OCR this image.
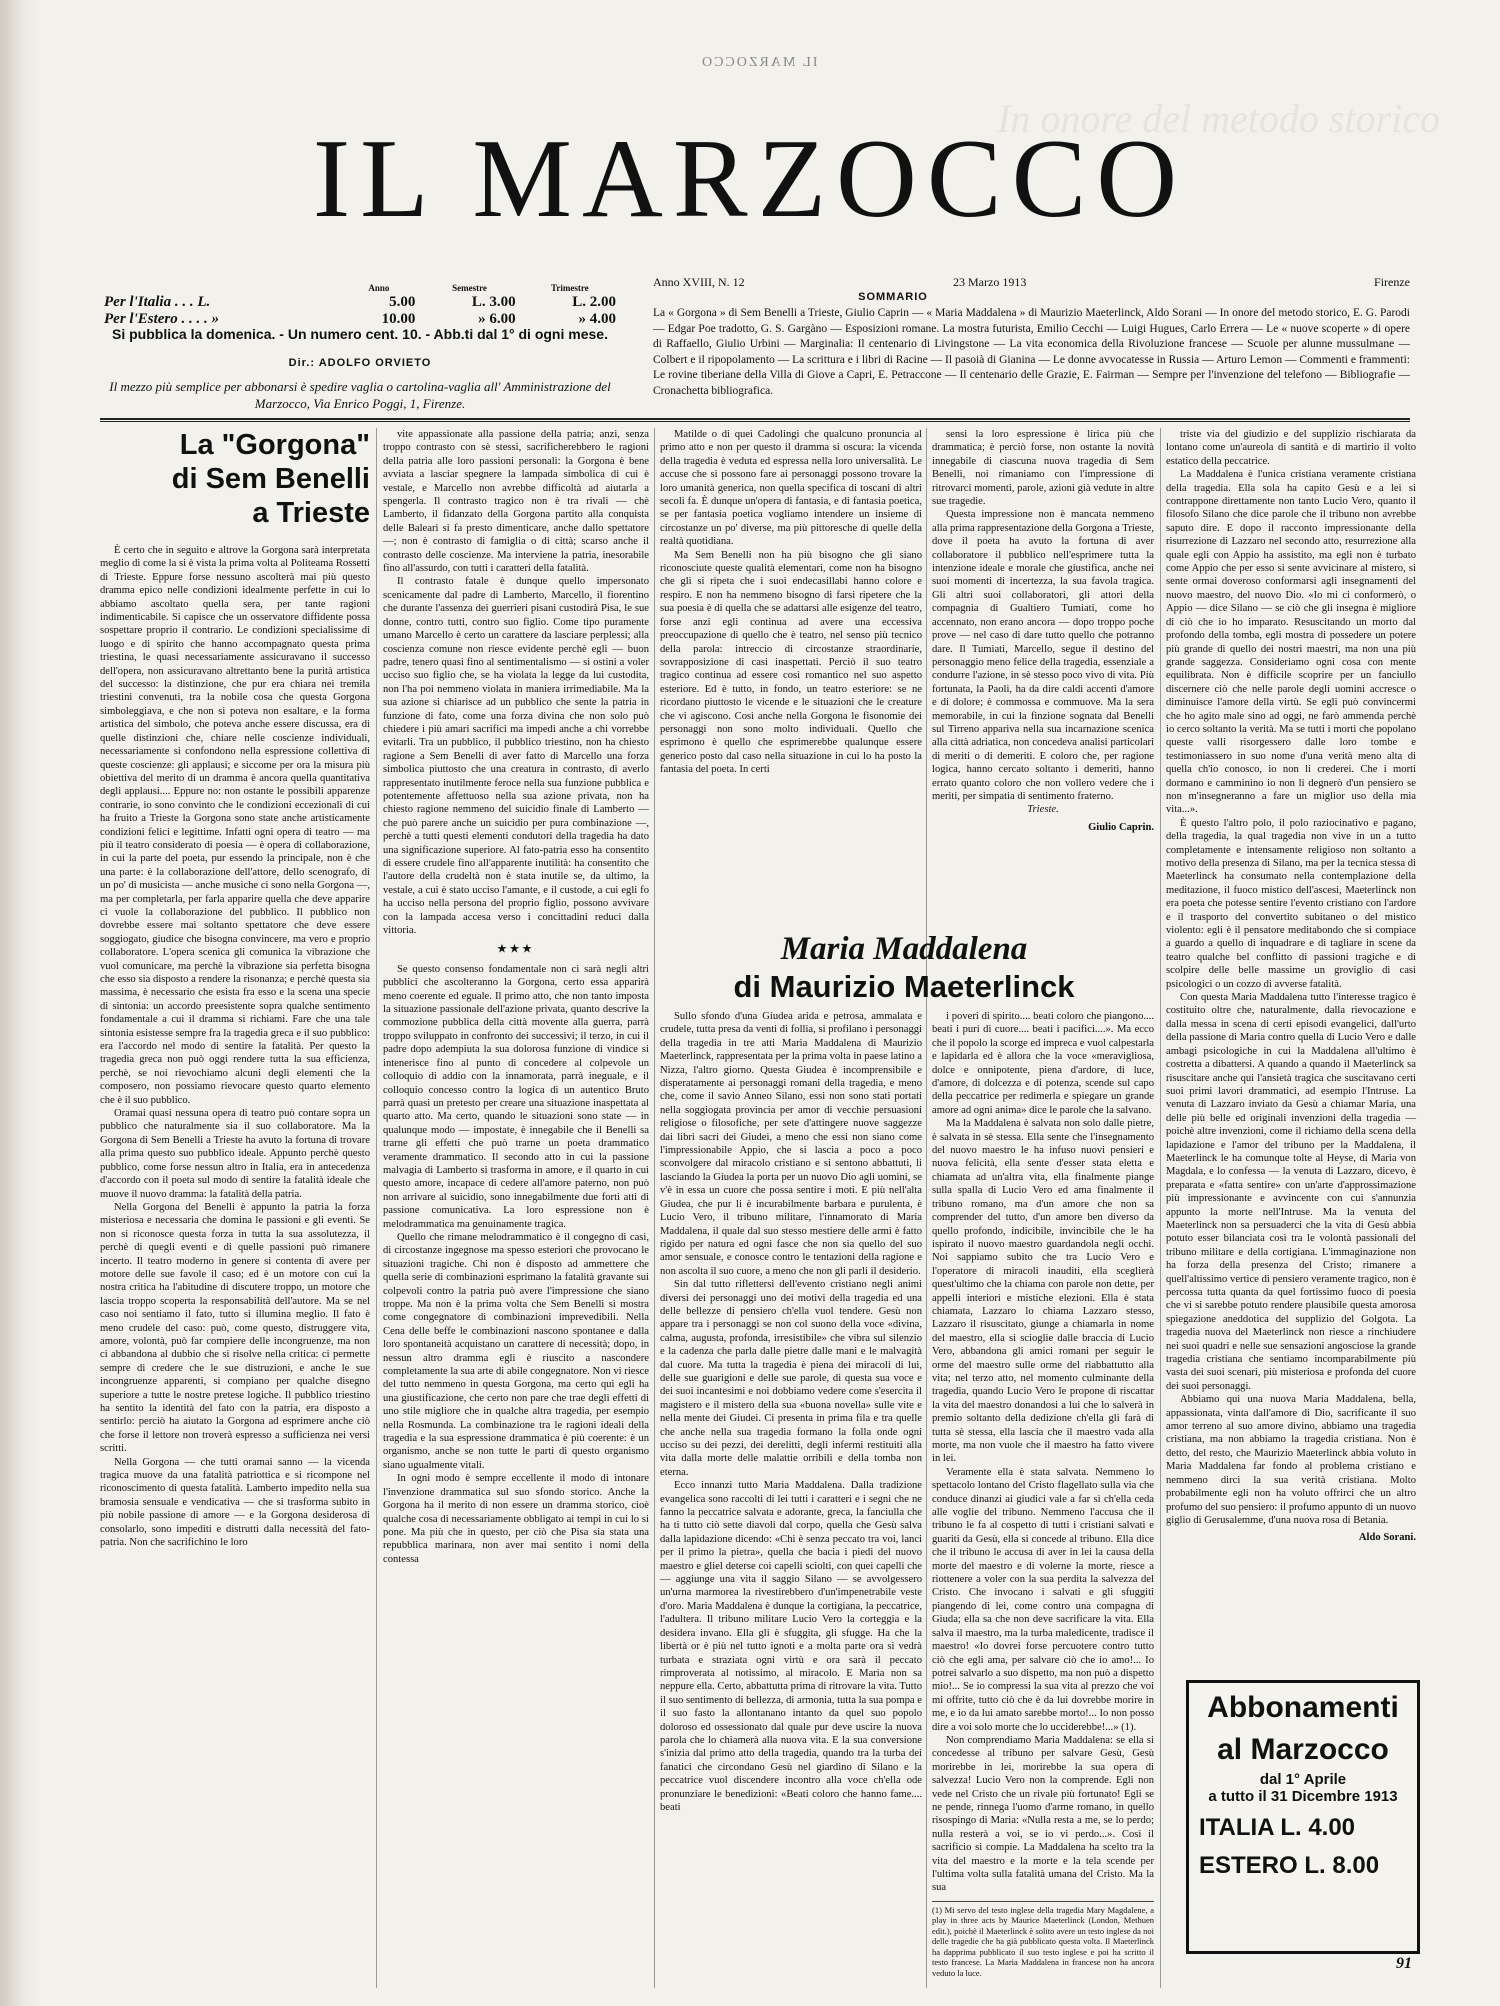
IL MARZOCCO
In onore del metodo storico
IL MARZOCCO
	Anno	Semestre	Trimestre
Per l'Italia . . . L.	5.00	L. 3.00	L. 2.00
Per l'Estero . . . . »	10.00	» 6.00	» 4.00
Si pubblica la domenica. - Un numero cent. 10. - Abb.ti dal 1° di ogni mese.
Dir.: ADOLFO ORVIETO
Il mezzo più semplice per abbonarsi è spedire vaglia o cartolina-vaglia all' Amministrazione del Marzocco, Via Enrico Poggi, 1, Firenze.
Anno XVIII, N. 12	23 Marzo 1913	Firenze
SOMMARIO
La « Gorgona » di Sem Benelli a Trieste, Giulio Caprin — « Maria Maddalena » di Maurizio Maeterlinck, Aldo Sorani — In onore del metodo storico, E. G. Parodi — Edgar Poe tradotto, G. S. Gargàno — Esposizioni romane. La mostra futurista, Emilio Cecchi — Luigi Hugues, Carlo Errera — Le « nuove scoperte » di opere di Raffaello, Giulio Urbini — Marginalia: Il centenario di Livingstone — La vita economica della Rivoluzione francese — Scuole per alunne mussulmane — Colbert e il ripopolamento — La scrittura e i libri di Racine — Il pasoià di Gianina — Le donne avvocatesse in Russia — Arturo Lemon — Commenti e frammenti: Le rovine tiberiane della Villa di Giove a Capri, E. Petraccone — Il centenario delle Grazie, E. Fairman — Sempre per l'invenzione del telefono — Bibliografie — Cronachetta bibliografica.
La "Gorgona"
di Sem Benelli
a Trieste

È certo che in seguito e altrove la Gorgona sarà interpretata meglio di come la si è vista la prima volta al Politeama Rossetti di Trieste. Eppure forse nessuno ascolterà mai più questo dramma epico nelle condizioni idealmente perfette in cui lo abbiamo ascoltato quella sera, per tante ragioni indimenticabile. Si capisce che un osservatore diffidente possa sospettare proprio il contrario. Le condizioni specialissime di luogo e di spirito che hanno accompagnato questa prima triestina, le quasi necessariamente assicuravano il successo dell'opera, non assicuravano altrettanto bene la purità artistica del successo: la distinzione, che pur era chiara nei tremila triestini convenuti, tra la nobile cosa che questa Gorgona simboleggiava, e che non si poteva non esaltare, e la forma artistica del simbolo, che poteva anche essere discussa, era di quelle distinzioni che, chiare nelle coscienze individuali, necessariamente si confondono nella espressione collettiva di queste coscienze: gli applausi; e siccome per ora la misura più obiettiva del merito di un dramma è ancora quella quantitativa degli applausi.... Eppure no: non ostante le possibili apparenze contrarie, io sono convinto che le condizioni eccezionali di cui ha fruito a Trieste la Gorgona sono state anche artisticamente condizioni felici e legittime. Infatti ogni opera di teatro — ma più il teatro considerato di poesia — è opera di collaborazione, in cui la parte del poeta, pur essendo la principale, non è che una parte: è la collaborazione dell'attore, dello scenografo, di un po' di musicista — anche musiche ci sono nella Gorgona —, ma per completarla, per farla apparire quella che deve apparire ci vuole la collaborazione del pubblico. Il pubblico non dovrebbe essere mai soltanto spettatore che deve essere soggiogato, giudice che bisogna convincere, ma vero e proprio collaboratore. L'opera scenica gli comunica la vibrazione che vuol comunicare, ma perchè la vibrazione sia perfetta bisogna che esso sia disposto a rendere la risonanza; e perchè questa sia massima, è necessario che esista fra esso e la scena una specie di sintonia: un accordo preesistente sopra qualche sentimento fondamentale a cui il dramma si richiami. Fare che una tale sintonia esistesse sempre fra la tragedia greca e il suo pubblico: era l'accordo nel modo di sentire la fatalità. Per questo la tragedia greca non può oggi rendere tutta la sua efficienza, perchè, se noi rievochiamo alcuni degli elementi che la composero, non possiamo rievocare questo quarto elemento che è il suo pubblico.

Oramai quasi nessuna opera di teatro può contare sopra un pubblico che naturalmente sia il suo collaboratore. Ma la Gorgona di Sem Benelli a Trieste ha avuto la fortuna di trovare alla prima questo suo pubblico ideale. Appunto perchè questo pubblico, come forse nessun altro in Italia, era in antecedenza d'accordo con il poeta sul modo di sentire la fatalità ideale che muove il nuovo dramma: la fatalità della patria.

Nella Gorgona del Benelli è appunto la patria la forza misteriosa e necessaria che domina le passioni e gli eventi. Se non si riconosce questa forza in tutta la sua assolutezza, il perchè di quegli eventi e di quelle passioni può rimanere incerto. Il teatro moderno in genere si contenta di avere per motore delle sue favole il caso; ed è un motore con cui la nostra critica ha l'abitudine di discutere troppo, un motore che lascia troppo scoperta la responsabilità dell'autore. Ma se nel caso noi sentiamo il fato, tutto si illumina meglio. Il fato è meno crudele del caso: può, come questo, distruggere vita, amore, volontà, può far compiere delle incongruenze, ma non ci abbandona al dubbio che si risolve nella critica: ci permette sempre di credere che le sue distruzioni, e anche le sue incongruenze apparenti, si compiano per qualche disegno superiore a tutte le nostre pretese logiche. Il pubblico triestino ha sentito la identità del fato con la patria, era disposto a sentirlo: perciò ha aiutato la Gorgona ad esprimere anche ciò che forse il lettore non troverà espresso a sufficienza nei versi scritti.

Nella Gorgona — che tutti oramai sanno — la vicenda tragica muove da una fatalità patriottica e si ricompone nel riconoscimento di questa fatalità. Lamberto impedito nella sua bramosia sensuale e vendicativa — che si trasforma subito in più nobile passione di amore — e la Gorgona desiderosa di consolarlo, sono impediti e distrutti dalla necessità del fato-patria. Non che sacrifichino le loro

vite appassionate alla passione della patria; anzi, senza troppo contrasto con sè stessi, sacrificherebbero le ragioni della patria alle loro passioni personali: la Gorgona è bene avviata a lasciar spegnere la lampada simbolica di cui è vestale, e Marcello non avrebbe difficoltà ad aiutarla a spengerla. Il contrasto tragico non è tra rivali — chè Lamberto, il fidanzato della Gorgona partito alla conquista delle Baleari si fa presto dimenticare, anche dallo spettatore —; non è contrasto di famiglia o di città; scarso anche il contrasto delle coscienze. Ma interviene la patria, inesorabile fino all'assurdo, con tutti i caratteri della fatalità.

Il contrasto fatale è dunque quello impersonato scenicamente dal padre di Lamberto, Marcello, il fiorentino che durante l'assenza dei guerrieri pisani custodirà Pisa, le sue donne, contro tutti, contro suo figlio. Come tipo puramente umano Marcello è certo un carattere da lasciare perplessi; alla coscienza comune non riesce evidente perchè egli — buon padre, tenero quasi fino al sentimentalismo — si ostini a voler ucciso suo figlio che, se ha violata la legge da lui custodita, non l'ha poi nemmeno violata in maniera irrimediabile. Ma la sua azione si chiarisce ad un pubblico che sente la patria in funzione di fato, come una forza divina che non solo può chiedere i più amari sacrifici ma impedì anche a chi vorrebbe evitarli. Tra un pubblico, il pubblico triestino, non ha chiesto ragione a Sem Benelli di aver fatto di Marcello una forza simbolica piuttosto che una creatura in contrasto, di averlo rappresentato inutilmente feroce nella sua funzione pubblica e potentemente affettuoso nella sua azione privata, non ha chiesto ragione nemmeno del suicidio finale di Lamberto — che può parere anche un suicidio per pura combinazione —, perchè a tutti questi elementi condutori della tragedia ha dato una significazione superiore. Al fato-patria esso ha consentito di essere crudele fino all'apparente inutilità: ha consentito che l'autore della crudeltà non è stata inutile se, da ultimo, la vestale, a cui è stato ucciso l'amante, e il custode, a cui egli fo ha ucciso nella persona del proprio figlio, possono avvivare con la lampada accesa verso i concittadini reduci dalla vittoria.

★★★

Se questo consenso fondamentale non ci sarà negli altri pubblici che ascolteranno la Gorgona, certo essa apparirà meno coerente ed eguale. Il primo atto, che non tanto imposta la situazione passionale dell'azione privata, quanto descrive la commozione pubblica della città movente alla guerra, parrà troppo sviluppato in confronto dei successivi; il terzo, in cui il padre dopo adempiuta la sua dolorosa funzione di vindice si intenerisce fino al punto di concedere al colpevole un colloquio di addio con la innamorata, parrà ineguale, e il colloquio concesso contro la logica di un autentico Bruto parrà quasi un pretesto per creare una situazione inaspettata al quarto atto. Ma certo, quando le situazioni sono state — in qualunque modo — impostate, è innegabile che il Benelli sa trarne gli effetti che può trarne un poeta drammatico veramente drammatico. Il secondo atto in cui la passione malvagia di Lamberto si trasforma in amore, e il quarto in cui questo amore, incapace di cedere all'amore paterno, non può non arrivare al suicidio, sono innegabilmente due forti atti di passione comunicativa. La loro espressione non è melodrammatica ma genuinamente tragica.

Quello che rimane melodrammatico è il congegno di casi, di circostanze ingegnose ma spesso esteriori che provocano le situazioni tragiche. Chi non è disposto ad ammettere che quella serie di combinazioni esprimano la fatalità gravante sui colpevoli contro la patria può avere l'impressione che siano troppe. Ma non è la prima volta che Sem Benelli si mostra come congegnatore di combinazioni imprevedibili. Nella Cena delle beffe le combinazioni nascono spontanee e dalla loro spontaneità acquistano un carattere di necessità; dopo, in nessun altro dramma egli è riuscito a nascondere completamente la sua arte di abile congegnatore. Non vi riesce del tutto nemmeno in questa Gorgona, ma certo qui egli ha una giustificazione, che certo non pare che trae degli effetti di uno stile migliore che in qualche altra tragedia, per esempio nella Rosmunda. La combinazione tra le ragioni ideali della tragedia e la sua espressione drammatica è più coerente: è un organismo, anche se non tutte le parti di questo organismo siano ugualmente vitali.

In ogni modo è sempre eccellente il modo di intonare l'invenzione drammatica sul suo sfondo storico. Anche la Gorgona ha il merito di non essere un dramma storico, cioè qualche cosa di necessariamente obbligato ai tempi in cui lo si pone. Ma più che in questo, per ciò che Pisa sia stata una repubblica marinara, non aver mai sentito i nomi della contessa

Matilde o di quei Cadolingi che qualcuno pronuncia al primo atto e non per questo il dramma si oscura: la vicenda della tragedia è veduta ed espressa nella loro universalità. Le accuse che si possono fare ai personaggi possono trovare la loro umanità generica, non quella specifica di toscani di altri secoli fa. È dunque un'opera di fantasia, e di fantasia poetica, se per fantasia poetica vogliamo intendere un insieme di circostanze un po' diverse, ma più pittoresche di quelle della realtà quotidiana.

Ma Sem Benelli non ha più bisogno che gli siano riconosciute queste qualità elementari, come non ha bisogno che gli si ripeta che i suoi endecasillabi hanno colore e respiro. E non ha nemmeno bisogno di farsi ripetere che la sua poesia è di quella che se adattarsi alle esigenze del teatro, forse anzi egli continua ad avere una eccessiva preoccupazione di quello che è teatro, nel senso più tecnico della parola: intreccio di circostanze straordinarie, sovrapposizione di casi inaspettati. Perciò il suo teatro tragico continua ad essere così romantico nel suo aspetto esteriore. Ed è tutto, in fondo, un teatro esteriore: se ne ricordano piuttosto le vicende e le situazioni che le creature che vi agiscono. Così anche nella Gorgona le fisonomie dei personaggi non sono molto individuali. Quello che esprimono è quello che esprimerebbe qualunque essere generico posto dal caso nella situazione in cui lo ha posto la fantasia del poeta. In certi

sensi la loro espressione è lirica più che drammatica; è perciò forse, non ostante la novità innegabile di ciascuna nuova tragedia di Sem Benelli, noi rimaniamo con l'impressione di ritrovarci momenti, parole, azioni già vedute in altre sue tragedie.

Questa impressione non è mancata nemmeno alla prima rappresentazione della Gorgona a Trieste, dove il poeta ha avuto la fortuna di aver collaboratore il pubblico nell'esprimere tutta la intenzione ideale e morale che giustifica, anche nei suoi momenti di incertezza, la sua favola tragica. Gli altri suoi collaboratori, gli attori della compagnia di Gualtiero Tumiati, come ho accennato, non erano ancora — dopo troppo poche prove — nel caso di dare tutto quello che potranno dare. Il Tumiati, Marcello, segue il destino del personaggio meno felice della tragedia, essenziale a condurre l'azione, in sè stesso poco vivo di vita. Più fortunata, la Paoli, ha da dire caldi accenti d'amore e di dolore; è commossa e commuove. Ma la sera memorabile, in cui la finzione sognata dal Benelli sul Tirreno appariva nella sua incarnazione scenica alla città adriatica, non concedeva analisi particolari di meriti o di demeriti. E coloro che, per ragione logica, hanno cercato soltanto i demeriti, hanno errato quanto coloro che non vollero vedere che i meriti, per simpatia di sentimento fraterno.

Trieste.
Giulio Caprin.
Maria Maddalena
di Maurizio Maeterlinck

Sullo sfondo d'una Giudea arida e petrosa, ammalata e crudele, tutta presa da venti di follia, si profilano i personaggi della tragedia in tre atti Maria Maddalena di Maurizio Maeterlinck, rappresentata per la prima volta in paese latino a Nizza, l'altro giorno. Questa Giudea è incomprensibile e disperatamente ai personaggi romani della tragedia, e meno che, come il savio Anneo Silano, essi non sono stati portati nella soggiogata provincia per amor di vecchie persuasioni religiose o filosofiche, per sete d'attingere nuove saggezze dai libri sacri dei Giudei, a meno che essi non siano come l'impressionabile Appio, che si lascia a poco a poco sconvolgere dal miracolo cristiano e si sentono abbattuti, li lasciando la Giudea la porta per un nuovo Dio agli uomini, se v'è in essa un cuore che possa sentire i moti. E più nell'alta Giudea, che pur li è incurabilmente barbara e purulenta, è Lucio Vero, il tribuno militare, l'innamorato di Maria Maddalena, il quale dal suo stesso mestiere delle armi è fatto rigido per natura ed ogni fasce che non sia quello del suo amor sensuale, e conosce contro le tentazioni della ragione e non ascolta il suo cuore, a meno che non gli parli il desiderio.

Sin dal tutto riflettersi dell'evento cristiano negli animi diversi dei personaggi uno dei motivi della tragedia ed una delle bellezze di pensiero ch'ella vuol tendere. Gesù non appare tra i personaggi se non col suono della voce «divina, calma, augusta, profonda, irresistibile» che vibra sul silenzio e la cadenza che parla dalle pietre dalle mani e le malvagità dal cuore. Ma tutta la tragedia è piena dei miracoli di lui, delle sue guarigioni e delle sue parole, di questa sua voce e dei suoi incantesimi e noi dobbiamo vedere come s'esercita il magistero e il mistero della sua «buona novella» sulle vite e nella mente dei Giudei. Ci presenta in prima fila e tra quelle che anche nella sua tragedia formano la folla onde ogni ucciso su dei pezzi, dei derelitti, degli infermi restituiti alla vita dalla morte delle malattie orribili e della tomba non eterna.

Ecco innanzi tutto Maria Maddalena. Dalla tradizione evangelica sono raccolti di lei tutti i caratteri e i segni che ne fanno la peccatrice salvata e adorante, greca, la fanciulla che ha ti tutto ciò sette diavoli dal corpo, quella che Gesù salva dalla lapidazione dicendo: «Chi è senza peccato tra voi, lanci per il primo la pietra», quella che bacia i piedi del nuovo maestro e gliel deterse coi capelli sciolti, con quei capelli che — aggiunge una vita il saggio Silano — se avvolgessero un'urna marmorea la rivestirebbero d'un'impenetrabile veste d'oro. Maria Maddalena è dunque la cortigiana, la peccatrice, l'adultera. Il tribuno militare Lucio Vero la corteggia e la desidera invano. Ella gli è sfuggita, gli sfugge. Ha che la libertà or è più nel tutto ignoti e a molta parte ora si vedrà turbata e straziata ogni virtù e ora sarà il peccato rimproverata al notissimo, al miracolo. E Maria non sa neppure ella. Certo, abbattutta prima di ritrovare la vita. Tutto il suo sentimento di bellezza, di armonia, tutta la sua pompa e il suo fasto la allontanano intanto da quel suo popolo doloroso ed ossessionato dal quale pur deve uscire la nuova parola che lo chiamerà alla nuova vita. E la sua conversione s'inizia dal primo atto della tragedia, quando tra la turba dei fanatici che circondano Gesù nel giardino di Silano e la peccatrice vuol discendere incontro alla voce ch'ella ode pronunziare le benedizioni: «Beati coloro che hanno fame.... beati

i poveri di spirito.... beati coloro che piangono.... beati i puri di cuore.... beati i pacifici....». Ma ecco che il popolo la scorge ed impreca e vuol calpestarla e lapidarla ed è allora che la voce «meravigliosa, dolce e onnipotente, piena d'ardore, di luce, d'amore, di dolcezza e di potenza, scende sul capo della peccatrice per redimerla e spiegare un grande amore ad ogni anima» dice le parole che la salvano.

Ma la Maddalena è salvata non solo dalle pietre, è salvata in sè stessa. Ella sente che l'insegnamento del nuovo maestro le ha infuso nuovi pensieri e nuova felicità, ella sente d'esser stata eletta e chiamata ad un'altra vita, ella finalmente piange sulla spalla di Lucio Vero ed ama finalmente il tribuno romano, ma d'un amore che non sa comprender del tutto, d'un amore ben diverso da quello profondo, indicibile, invincibile che le ha ispirato il nuovo maestro guardandola negli occhi. Noi sappiamo subito che tra Lucio Vero e l'operatore di miracoli inauditi, ella sceglierà quest'ultimo che la chiama con parole non dette, per appelli interiori e mistiche elezioni. Ella è stata chiamata, Lazzaro lo chiama Lazzaro stesso, Lazzaro il risuscitato, giunge a chiamarla in nome del maestro, ella si scioglie dalle braccia di Lucio Vero, abbandona gli amici romani per seguir le orme del maestro sulle orme del riabbattutto alla vita; nel terzo atto, nel momento culminante della tragedia, quando Lucio Vero le propone di riscattar la vita del maestro donandosi a lui che lo salverà in premio soltanto della dedizione ch'ella gli farà di tutta sè stessa, ella lascia che il maestro vada alla morte, ma non vuole che il maestro ha fatto vivere in lei.

Veramente ella è stata salvata. Nemmeno lo spettacolo lontano del Cristo flagellato sulla via che conduce dinanzi ai giudici vale a far sì ch'ella ceda alle voglie del tribuno. Nemmeno l'accusa che il tribuno le fa al cospetto di tutti i cristiani salvati e guariti da Gesù, ella si concede al tribuno. Ella dice che il tribuno le accusa di aver in lei la causa della morte del maestro e di volerne la morte, riesce a riottenere a voler con la sua perdita la salvezza del Cristo. Che invocano i salvati e gli sfuggiti piangendo di lei, come contro una compagna di Giuda; ella sa che non deve sacrificare la vita. Ella salva il maestro, ma la turba maledicente, tradisce il maestro! «Io dovrei forse percuotere contro tutto ciò che egli ama, per salvare ciò che io amo!... Io potrei salvarlo a suo dispetto, ma non può a dispetto mio!... Se io compressi la sua vita al prezzo che voi mi offrite, tutto ciò che è da lui dovrebbe morire in me, e io da lui amato sarebbe morto!... Io non posso dire a voi solo morte che lo ucciderebbe!...» (1).

Non comprendiamo Maria Maddalena: se ella si concedesse al tribuno per salvare Gesù, Gesù morirebbe in lei, morirebbe la sua opera di salvezza! Lucio Vero non la comprende. Egli non vede nel Cristo che un rivale più fortunato! Egli se ne pende, rinnega l'uomo d'arme romano, in quello risospingo di Maria: «Nulla resta a me, se lo perdo; nulla resterà a voi, se io vi perdo...». Così il sacrificio si compie. La Maddalena ha scelto tra la vita del maestro e la morte e la tela scende per l'ultima volta sulla fatalità umana del Cristo. Ma la sua

(1) Mi servo del testo inglese della tragedia Mary Magdalene, a play in three acts by Maurice Maeterlinck (London, Methuen edit.), poichè il Maeterlinck è solito avere un testo inglese da noi delle tragedie che ha già pubblicato questa volta. Il Maeterlinck ha dapprima pubblicato il suo testo inglese e poi ha scritto il testo francese. La Maria Maddalena in francese non ha ancora veduto la luce.

triste via del giudizio e del supplizio rischiarata da lontano come un'aureola di santità e di martirio il volto estatico della peccatrice.

La Maddalena è l'unica cristiana veramente cristiana della tragedia. Ella sola ha capito Gesù e a lei si contrappone direttamente non tanto Lucio Vero, quanto il filosofo Silano che dice parole che il tribuno non avrebbe saputo dire. E dopo il racconto impressionante della risurrezione di Lazzaro nel secondo atto, resurrezione alla quale egli con Appio ha assistito, ma egli non è turbato come Appio che per esso si sente avvicinare al mistero, si sente ormai doveroso conformarsi agli insegnamenti del nuovo maestro, del nuovo Dio. «Io mi ci conformerò, o Appio — dice Silano — se ciò che gli insegna è migliore di ciò che io ho imparato. Resuscitando un morto dal profondo della tomba, egli mostra di possedere un potere più grande di quello dei nostri maestri, ma non una più grande saggezza. Consideriamo ogni cosa con mente equilibrata. Non è difficile scoprire per un fanciullo discernere ciò che nelle parole degli uomini accresce o diminuisce l'amore della virtù. Se egli può convincermi che ho agito male sino ad oggi, ne farò ammenda perchè io cerco soltanto la verità. Ma se tutti i morti che popolano queste valli risorgessero dalle loro tombe e testimoniassero in suo nome d'una verità meno alta di quella ch'io conosco, io non li crederei. Che i morti dormano e camminino io non li degnerò d'un pensiero se non m'insegneranno a fare un miglior uso della mia vita...».

È questo l'altro polo, il polo raziocinativo e pagano, della tragedia, la qual tragedia non vive in un a tutto completamente e intensamente religioso non soltanto a motivo della presenza di Silano, ma per la tecnica stessa di Maeterlinck ha consumato nella contemplazione della meditazione, il fuoco mistico dell'ascesi, Maeterlinck non era poeta che potesse sentire l'evento cristiano con l'ardore e il trasporto del convertito subitaneo o del mistico violento: egli è il pensatore meditabondo che si compiace a guardo a quello di inquadrare e di tagliare in scene da teatro qualche bel conflitto di passioni tragiche e di scolpire delle belle massime un groviglio di casi psicologici o un cozzo di avverse fatalità.

Con questa Maria Maddalena tutto l'interesse tragico è costituito oltre che, naturalmente, dalla rievocazione e dalla messa in scena di certi episodi evangelici, dall'urto della passione di Maria contro quella di Lucio Vero e dalle ambagi psicologiche in cui la Maddalena all'ultimo è costretta a dibattersi. A quando a quando il Maeterlinck sa risuscitare anche qui l'ansietà tragica che suscitavano certi suoi primi lavori drammatici, ad esempio l'Intruse. La venuta di Lazzaro inviato da Gesù a chiamar Maria, una delle più belle ed originali invenzioni della tragedia — poichè altre invenzioni, come il richiamo della scena della lapidazione e l'amor del tribuno per la Maddalena, il Maeterlinck le ha comunque tolte al Heyse, di Maria von Magdala, e lo confessa — la venuta di Lazzaro, dicevo, è preparata e «fatta sentire» con un'arte d'approssimazione più impressionante e avvincente con cui s'annunzia appunto la morte nell'Intruse. Ma la venuta del Maeterlinck non sa persuaderci che la vita di Gesù abbia potuto esser bilanciata così tra le volontà passionali del tribuno militare e della cortigiana. L'immaginazione non ha forza della presenza del Cristo; rimanere a quell'altissimo vertice di pensiero veramente tragico, non è percossa tutta quanta da quel fortissimo fuoco di poesia che vi si sarebbe potuto rendere plausibile questa amorosa spiegazione aneddotica del supplizio del Golgota. La tragedia nuova del Maeterlinck non riesce a rinchiudere nei suoi quadri e nelle sue sensazioni angosciose la grande tragedia cristiana che sentiamo incomparabilmente più vasta dei suoi scenari, più misteriosa e profonda del cuore dei suoi personaggi.

Abbiamo qui una nuova Maria Maddalena, bella, appassionata, vinta dall'amore di Dio, sacrificante il suo amor terreno al suo amore divino, abbiamo una tragedia cristiana, ma non abbiamo la tragedia cristiana. Non è detto, del resto, che Maurizio Maeterlinck abbia voluto in Maria Maddalena far fondo al problema cristiano e nemmeno dirci la sua verità cristiana. Molto probabilmente egli non ha voluto offrirci che un altro profumo del suo pensiero: il profumo appunto di un nuovo giglio di Gerusalemme, d'una nuova rosa di Betania.

Aldo Sorani.
Abbonamenti
al Marzocco
dal 1° Aprile
a tutto il 31 Dicembre 1913
ITALIA L. 4.00
ESTERO L. 8.00
91
